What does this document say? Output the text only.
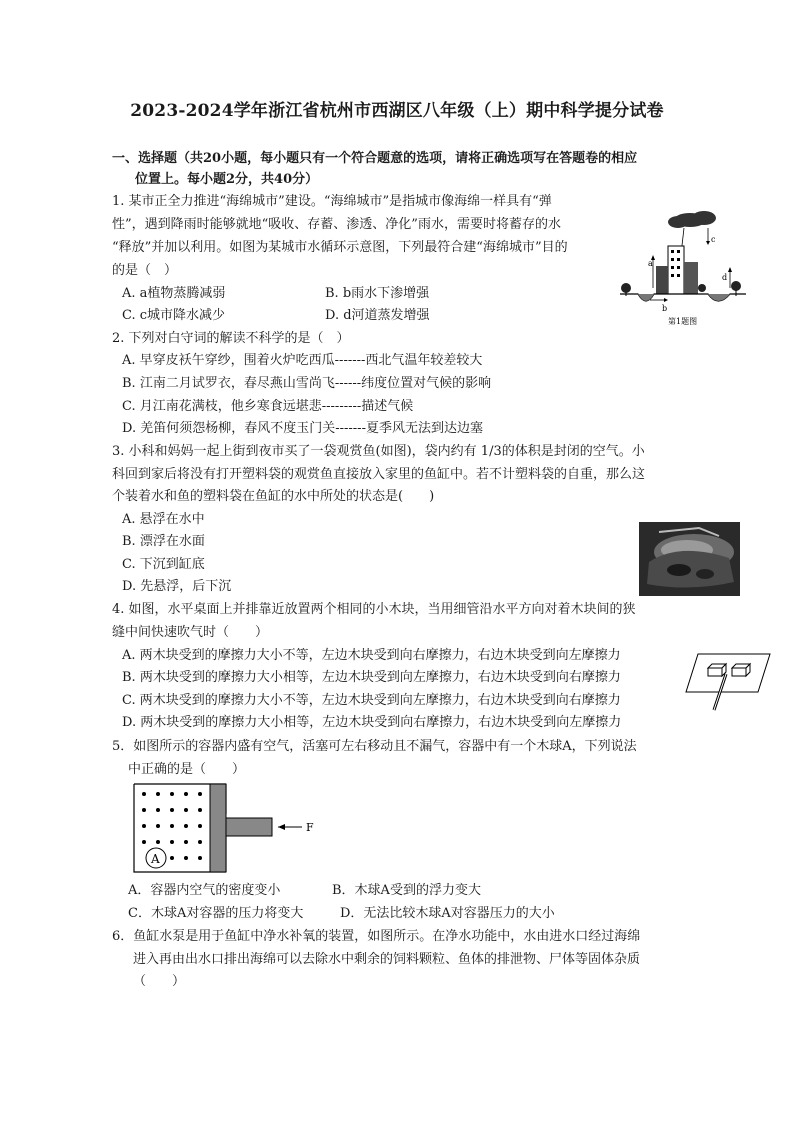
2023-2024学年浙江省杭州市西湖区八年级（上）期中科学提分试卷
一、选择题（共20小题，每小题只有一个符合题意的选项，请将正确选项写在答题卷的相应
位置上。每小题2分，共40分）
1. 某市正全力推进“海绵城市”建设。“海绵城市”是指城市像海绵一样具有“弹
性”，遇到降雨时能够就地“吸收、存蓄、渗透、净化”雨水，需要时将蓄存的水
“释放”并加以利用。如图为某城市水循环示意图，下列最符合建“海绵城市”目的
的是（　）
A. a植物蒸腾减弱	B. b雨水下渗增强
C. c城市降水减少	D. d河道蒸发增强
a
b
c
d
第1题图
2. 下列对白守词的解读不科学的是（　）
A. 早穿皮袄午穿纱，围着火炉吃西瓜-------西北气温年较差较大
B. 江南二月试罗衣，春尽燕山雪尚飞------纬度位置对气候的影响
C. 月江南花满枝，他乡寒食远堪悲---------描述气候
D. 羌笛何须怨杨柳，春风不度玉门关-------夏季风无法到达边塞
3. 小科和妈妈一起上街到夜市买了一袋观赏鱼(如图)，袋内约有 1/3的体积是封闭的空气。小
科回到家后将没有打开塑料袋的观赏鱼直接放入家里的鱼缸中。若不计塑料袋的自重，那么这
个装着水和鱼的塑料袋在鱼缸的水中所处的状态是(　　)
A. 悬浮在水中
B. 漂浮在水面
C. 下沉到缸底
D. 先悬浮，后下沉
4. 如图，水平桌面上并排靠近放置两个相同的小木块，当用细管沿水平方向对着木块间的狭
缝中间快速吹气时（　　）
A. 两木块受到的摩擦力大小不等，左边木块受到向右摩擦力，右边木块受到向左摩擦力
B. 两木块受到的摩擦力大小相等，左边木块受到向左摩擦力，右边木块受到向右摩擦力
C. 两木块受到的摩擦力大小不等，左边木块受到向左摩擦力，右边木块受到向右摩擦力
D. 两木块受到的摩擦力大小相等，左边木块受到向右摩擦力，右边木块受到向左摩擦力
5．如图所示的容器内盛有空气，活塞可左右移动且不漏气，容器中有一个木球A，下列说法
中正确的是（　　）
A
F
A．容器内空气的密度变小	B．木球A受到的浮力变大
C．木球A对容器的压力将变大	D．无法比较木球A对容器压力的大小
6．鱼缸水泵是用于鱼缸中净水补氧的装置，如图所示。在净水功能中，水由进水口经过海绵
进入再由出水口排出海绵可以去除水中剩余的饲料颗粒、鱼体的排泄物、尸体等固体杂质
（　　）
